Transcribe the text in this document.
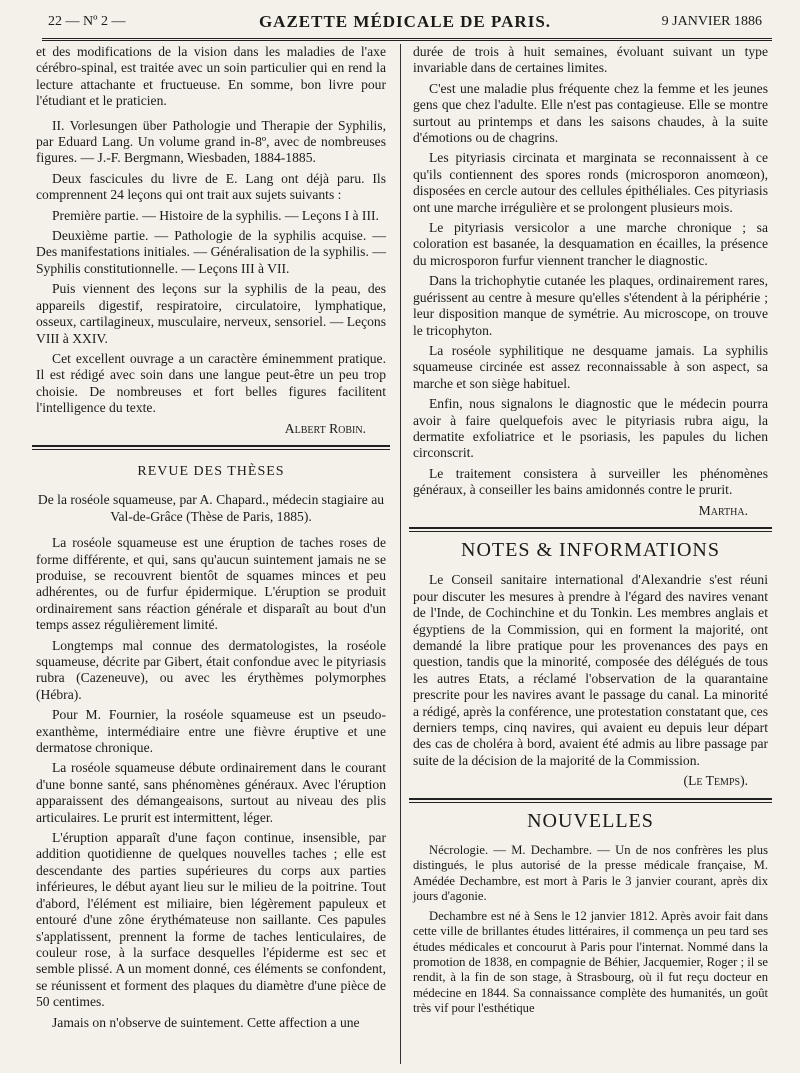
22 — Nº 2 —	GAZETTE MÉDICALE DE PARIS.	9 JANVIER 1886

et des modifications de la vision dans les maladies de l'axe cérébro-spinal, est traitée avec un soin particulier qui en rend la lecture attachante et fructueuse. En somme, bon livre pour l'étudiant et le praticien.

II. Vorlesungen über Pathologie und Therapie der Syphilis, par Eduard Lang. Un volume grand in-8º, avec de nombreuses figures. — J.-F. Bergmann, Wiesbaden, 1884-1885.

Deux fascicules du livre de E. Lang ont déjà paru. Ils comprennent 24 leçons qui ont trait aux sujets suivants :

Première partie. — Histoire de la syphilis. — Leçons I à III.

Deuxième partie. — Pathologie de la syphilis acquise. — Des manifestations initiales. — Généralisation de la syphilis. — Syphilis constitutionnelle. — Leçons III à VII.

Puis viennent des leçons sur la syphilis de la peau, des appareils digestif, respiratoire, circulatoire, lymphatique, osseux, cartilagineux, musculaire, nerveux, sensoriel. — Leçons VIII à XXIV.

Cet excellent ouvrage a un caractère éminemment pratique. Il est rédigé avec soin dans une langue peut-être un peu trop choisie. De nombreuses et fort belles figures facilitent l'intelligence du texte.

Albert Robin.
REVUE DES THÈSES

De la roséole squameuse, par A. Chapard., médecin stagiaire au Val-de-Grâce (Thèse de Paris, 1885).

La roséole squameuse est une éruption de taches roses de forme différente, et qui, sans qu'aucun suintement jamais ne se produise, se recouvrent bientôt de squames minces et peu adhérentes, ou de furfur épidermique. L'éruption se produit ordinairement sans réaction générale et disparaît au bout d'un temps assez régulièrement limité.

Longtemps mal connue des dermatologistes, la roséole squameuse, décrite par Gibert, était confondue avec le pityriasis rubra (Cazeneuve), ou avec les érythèmes polymorphes (Hébra).

Pour M. Fournier, la roséole squameuse est un pseudo-exanthème, intermédiaire entre une fièvre éruptive et une dermatose chronique.

La roséole squameuse débute ordinairement dans le courant d'une bonne santé, sans phénomènes généraux. Avec l'éruption apparaissent des démangeaisons, surtout au niveau des plis articulaires. Le prurit est intermittent, léger.

L'éruption apparaît d'une façon continue, insensible, par addition quotidienne de quelques nouvelles taches ; elle est descendante des parties supérieures du corps aux parties inférieures, le début ayant lieu sur le milieu de la poitrine. Tout d'abord, l'élément est miliaire, bien légèrement papuleux et entouré d'une zône érythémateuse non saillante. Ces papules s'applatissent, prennent la forme de taches lenticulaires, de couleur rose, à la surface desquelles l'épiderme est sec et semble plissé. A un moment donné, ces éléments se confondent, se réunissent et forment des plaques du diamètre d'une pièce de 50 centimes.

Jamais on n'observe de suintement. Cette affection a une

durée de trois à huit semaines, évoluant suivant un type invariable dans de certaines limites.

C'est une maladie plus fréquente chez la femme et les jeunes gens que chez l'adulte. Elle n'est pas contagieuse. Elle se montre surtout au printemps et dans les saisons chaudes, à la suite d'émotions ou de chagrins.

Les pityriasis circinata et marginata se reconnaissent à ce qu'ils contiennent des spores ronds (microsporon anomœon), disposées en cercle autour des cellules épithéliales. Ces pityriasis ont une marche irrégulière et se prolongent plusieurs mois.

Le pityriasis versicolor a une marche chronique ; sa coloration est basanée, la desquamation en écailles, la présence du microsporon furfur viennent trancher le diagnostic.

Dans la trichophytie cutanée les plaques, ordinairement rares, guérissent au centre à mesure qu'elles s'étendent à la périphérie ; leur disposition manque de symétrie. Au microscope, on trouve le tricophyton.

La roséole syphilitique ne desquame jamais. La syphilis squameuse circinée est assez reconnaissable à son aspect, sa marche et son siège habituel.

Enfin, nous signalons le diagnostic que le médecin pourra avoir à faire quelquefois avec le pityriasis rubra aigu, la dermatite exfoliatrice et le psoriasis, les papules du lichen circonscrit.

Le traitement consistera à surveiller les phénomènes généraux, à conseiller les bains amidonnés contre le prurit.

Martha.
NOTES & INFORMATIONS

Le Conseil sanitaire international d'Alexandrie s'est réuni pour discuter les mesures à prendre à l'égard des navires venant de l'Inde, de Cochinchine et du Tonkin. Les membres anglais et égyptiens de la Commission, qui en forment la majorité, ont demandé la libre pratique pour les provenances des pays en question, tandis que la minorité, composée des délégués de tous les autres Etats, a réclamé l'observation de la quarantaine prescrite pour les navires avant le passage du canal. La minorité a rédigé, après la conférence, une protestation constatant que, ces derniers temps, cinq navires, qui avaient eu depuis leur départ des cas de choléra à bord, avaient été admis au libre passage par suite de la décision de la majorité de la Commission.

(Le Temps).
NOUVELLES

Nécrologie. — M. Dechambre. — Un de nos confrères les plus distingués, le plus autorisé de la presse médicale française, M. Amédée Dechambre, est mort à Paris le 3 janvier courant, après dix jours d'agonie.

Dechambre est né à Sens le 12 janvier 1812. Après avoir fait dans cette ville de brillantes études littéraires, il commença un peu tard ses études médicales et concourut à Paris pour l'internat. Nommé dans la promotion de 1838, en compagnie de Béhier, Jacquemier, Roger ; il se rendit, à la fin de son stage, à Strasbourg, où il fut reçu docteur en médecine en 1844. Sa connaissance complète des humanités, un goût très vif pour l'esthétique
